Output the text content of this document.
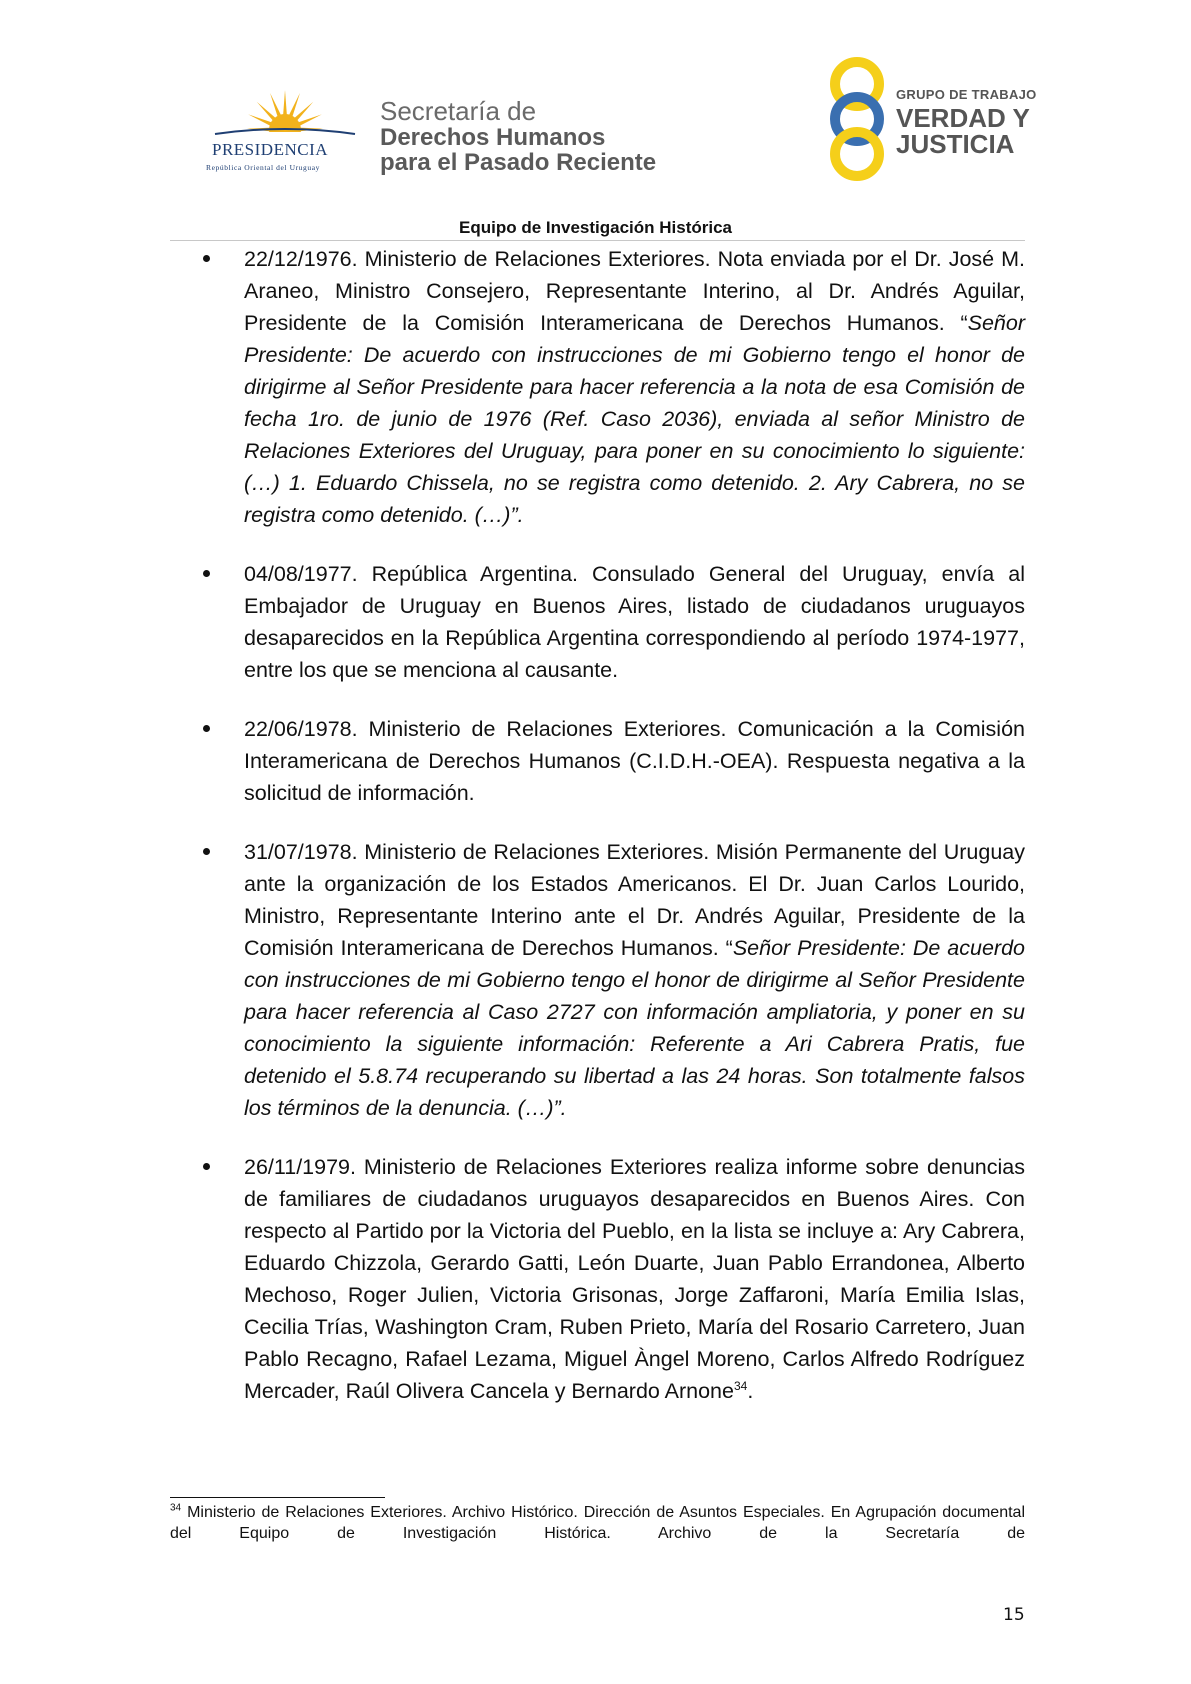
PRESIDENCIA
República Oriental del Uruguay
Secretaría de
Derechos Humanos
para el Pasado Reciente
GRUPO DE TRABAJO
VERDAD Y
JUSTICIA
Equipo de Investigación Histórica
22/12/1976. Ministerio de Relaciones Exteriores. Nota enviada por el Dr. José M. Araneo, Ministro Consejero, Representante Interino, al Dr. Andrés Aguilar, Presidente de la Comisión Interamericana de Derechos Humanos. “Señor Presidente: De acuerdo con instrucciones de mi Gobierno tengo el honor de dirigirme al Señor Presidente para hacer referencia a la nota de esa Comisión de fecha 1ro. de junio de 1976 (Ref. Caso 2036), enviada al señor Ministro de Relaciones Exteriores del Uruguay, para poner en su conocimiento lo siguiente: (…) 1. Eduardo Chissela, no se registra como detenido. 2. Ary Cabrera, no se registra como detenido. (…)”.
04/08/1977. República Argentina. Consulado General del Uruguay, envía al Embajador de Uruguay en Buenos Aires, listado de ciudadanos uruguayos desaparecidos en la República Argentina correspondiendo al período 1974-1977, entre los que se menciona al causante.
22/06/1978. Ministerio de Relaciones Exteriores. Comunicación a la Comisión Interamericana de Derechos Humanos (C.I.D.H.-OEA). Respuesta negativa a la solicitud de información.
31/07/1978. Ministerio de Relaciones Exteriores. Misión Permanente del Uruguay ante la organización de los Estados Americanos. El Dr. Juan Carlos Lourido, Ministro, Representante Interino ante el Dr. Andrés Aguilar, Presidente de la Comisión Interamericana de Derechos Humanos. “Señor Presidente: De acuerdo con instrucciones de mi Gobierno tengo el honor de dirigirme al Señor Presidente para hacer referencia al Caso 2727 con información ampliatoria, y poner en su conocimiento la siguiente información: Referente a Ari Cabrera Pratis, fue detenido el 5.8.74 recuperando su libertad a las 24 horas. Son totalmente falsos los términos de la denuncia. (…)”.
26/11/1979. Ministerio de Relaciones Exteriores realiza informe sobre denuncias de familiares de ciudadanos uruguayos desaparecidos en Buenos Aires. Con respecto al Partido por la Victoria del Pueblo, en la lista se incluye a: Ary Cabrera, Eduardo Chizzola, Gerardo Gatti, León Duarte, Juan Pablo Errandonea, Alberto Mechoso, Roger Julien, Victoria Grisonas, Jorge Zaffaroni, María Emilia Islas, Cecilia Trías, Washington Cram, Ruben Prieto, María del Rosario Carretero, Juan Pablo Recagno, Rafael Lezama, Miguel Àngel Moreno, Carlos Alfredo Rodríguez Mercader, Raúl Olivera Cancela y Bernardo Arnone$^{34}$.
$^{34}$ Ministerio de Relaciones Exteriores. Archivo Histórico. Dirección de Asuntos Especiales. En Agrupación documental del Equipo de Investigación Histórica. Archivo de la Secretaría de
15
